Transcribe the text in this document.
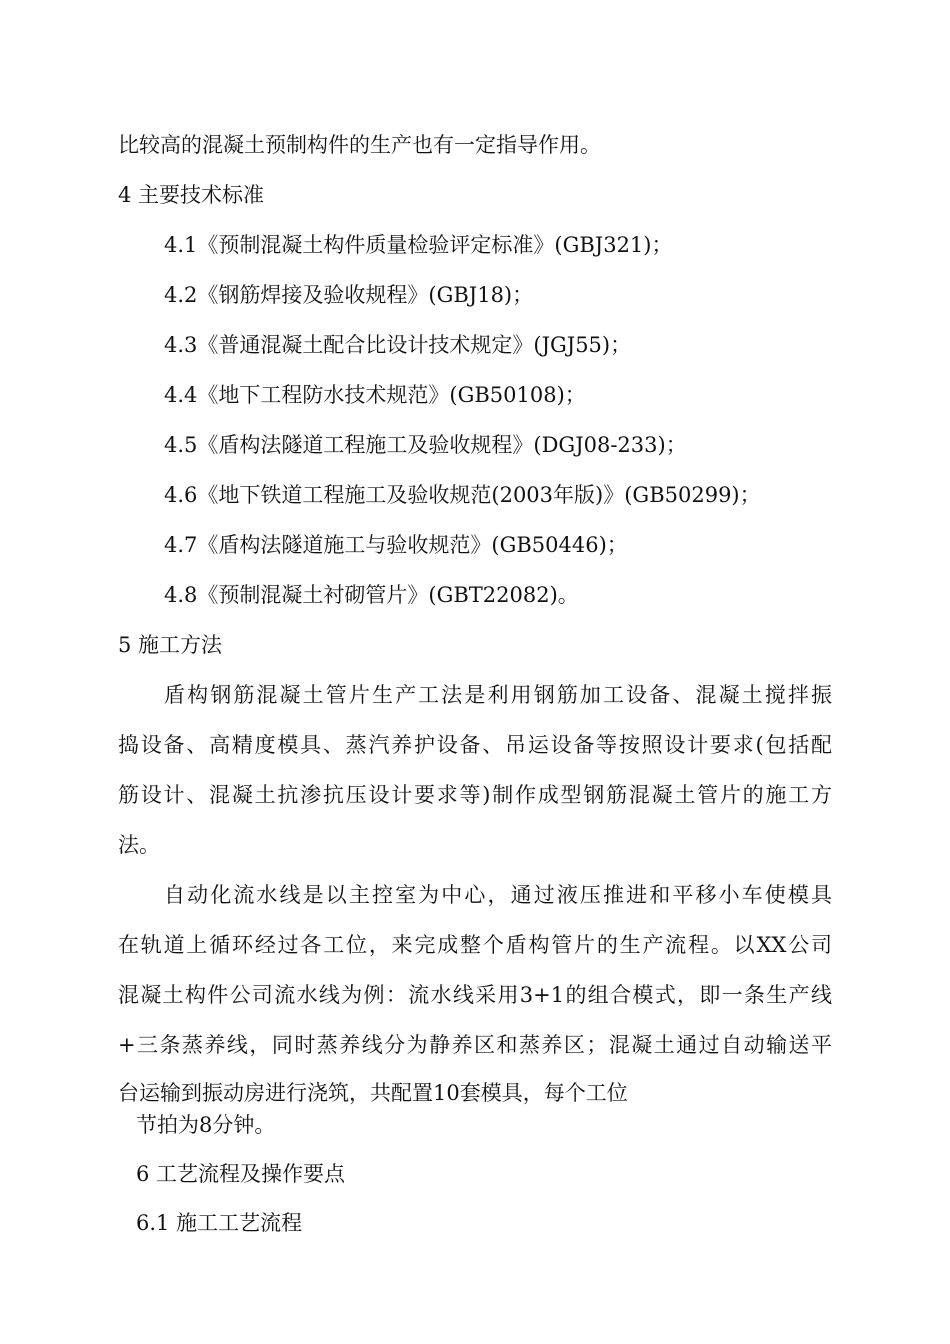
比较高的混凝土预制构件的生产也有一定指导作用。
4 主要技术标准
4.1《预制混凝土构件质量检验评定标准》(GBJ321)；
4.2《钢筋焊接及验收规程》(GBJ18)；
4.3《普通混凝土配合比设计技术规定》(JGJ55)；
4.4《地下工程防水技术规范》(GB50108)；
4.5《盾构法隧道工程施工及验收规程》(DGJ08-233)；
4.6《地下铁道工程施工及验收规范(2003年版)》(GB50299)；
4.7《盾构法隧道施工与验收规范》(GB50446)；
4.8《预制混凝土衬砌管片》(GBT22082)。
5 施工方法
盾构钢筋混凝土管片生产工法是利用钢筋加工设备、混凝土搅拌振
捣设备、高精度模具、蒸汽养护设备、吊运设备等按照设计要求(包括配
筋设计、混凝土抗渗抗压设计要求等)制作成型钢筋混凝土管片的施工方
法。
自动化流水线是以主控室为中心，通过液压推进和平移小车使模具
在轨道上循环经过各工位，来完成整个盾构管片的生产流程。以XX公司
混凝土构件公司流水线为例：流水线采用3+1的组合模式，即一条生产线
+三条蒸养线，同时蒸养线分为静养区和蒸养区；混凝土通过自动输送平
台运输到振动房进行浇筑，共配置10套模具，每个工位
节拍为8分钟。
6 工艺流程及操作要点
6.1 施工工艺流程
